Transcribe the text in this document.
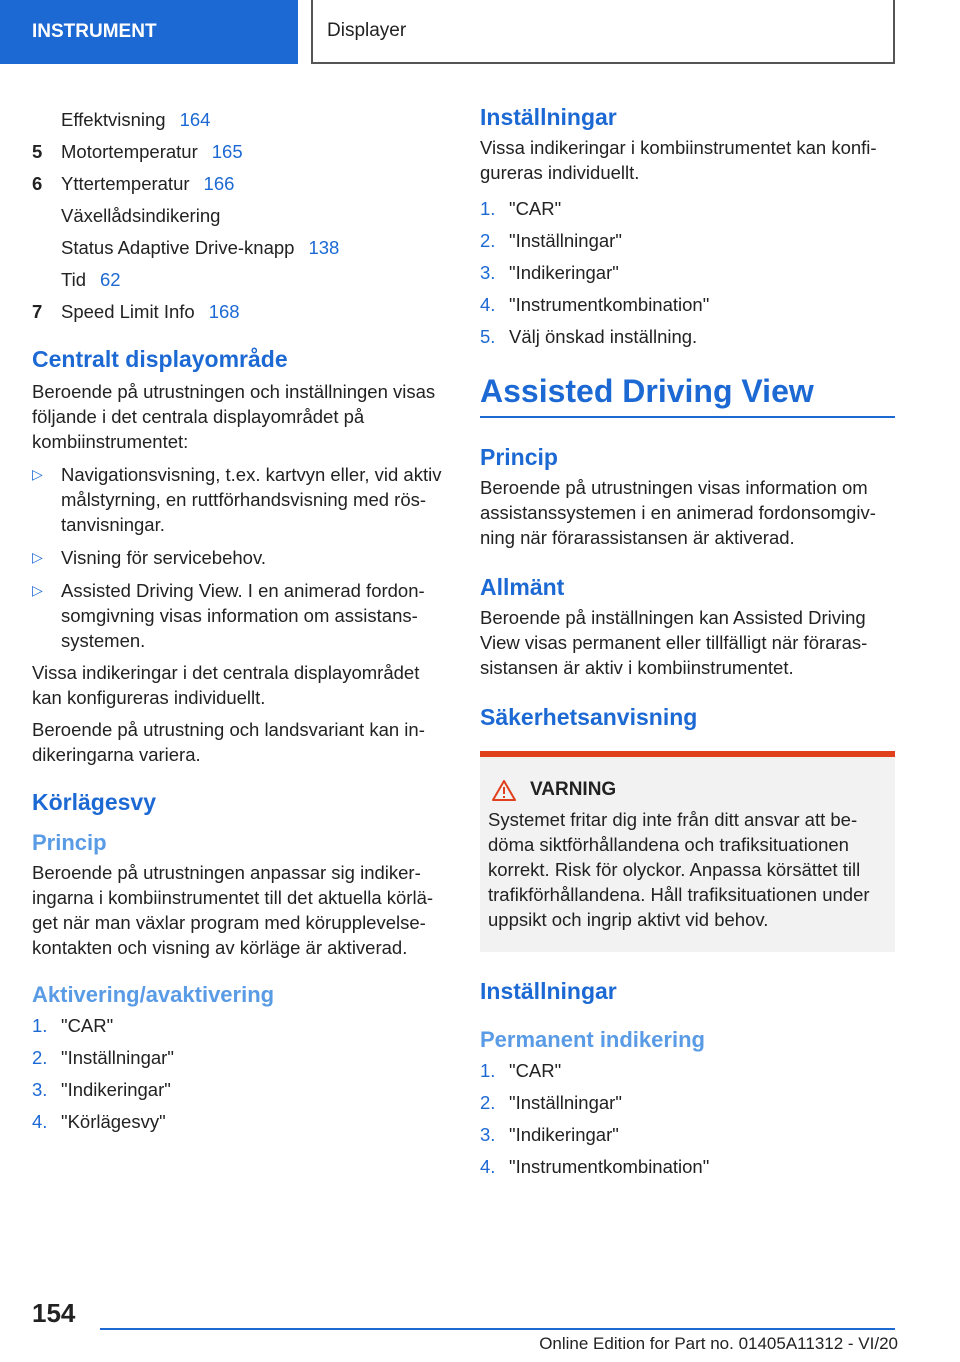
INSTRUMENT	Displayer
Effektvisning 164
5	Motortemperatur 165
6	Yttertemperatur 166
Växellådsindikering
Status Adaptive Drive-knapp 138
Tid 62
7	Speed Limit Info 168
Centralt displayområde

Beroende på utrustningen och inställningen visas följande i det centrala displayområdet på kombiinstrumentet:

▷ Navigationsvisning, t.ex. kartvyn eller, vid aktiv målstyrning, en ruttförhandsvisning med röstanvisningar.
▷ Visning för servicebehov.
▷ Assisted Driving View. I en animerad fordonsomgivning visas information om assistanssystemen.

Vissa indikeringar i det centrala displayområdet kan konfigureras individuellt.

Beroende på utrustning och landsvariant kan indikeringarna variera.

Körlägesvy
Princip

Beroende på utrustningen anpassar sig indikeringarna i kombiinstrumentet till det aktuella körläget när man växlar program med körupplevelsekontakten och visning av körläge är aktiverad.

Aktivering/avaktivering
1. "CAR"
2. "Inställningar"
3. "Indikeringar"
4. "Körlägesvy"
Inställningar

Vissa indikeringar i kombiinstrumentet kan konfigureras individuellt.

1. "CAR"
2. "Inställningar"
3. "Indikeringar"
4. "Instrumentkombination"
5. Välj önskad inställning.
Assisted Driving View
Princip

Beroende på utrustningen visas information om assistanssystemen i en animerad fordonsomgivning när förarassistansen är aktiverad.

Allmänt

Beroende på inställningen kan Assisted Driving View visas permanent eller tillfälligt när förarassistansen är aktiv i kombiinstrumentet.

Säkerhetsanvisning
VARNING

Systemet fritar dig inte från ditt ansvar att bedöma siktförhållandena och trafiksituationen korrekt. Risk för olyckor. Anpassa körsättet till trafikförhållandena. Håll trafiksituationen under uppsikt och ingrip aktivt vid behov.

Inställningar
Permanent indikering
1. "CAR"
2. "Inställningar"
3. "Indikeringar"
4. "Instrumentkombination"
154
Online Edition for Part no. 01405A11312 - VI/20
